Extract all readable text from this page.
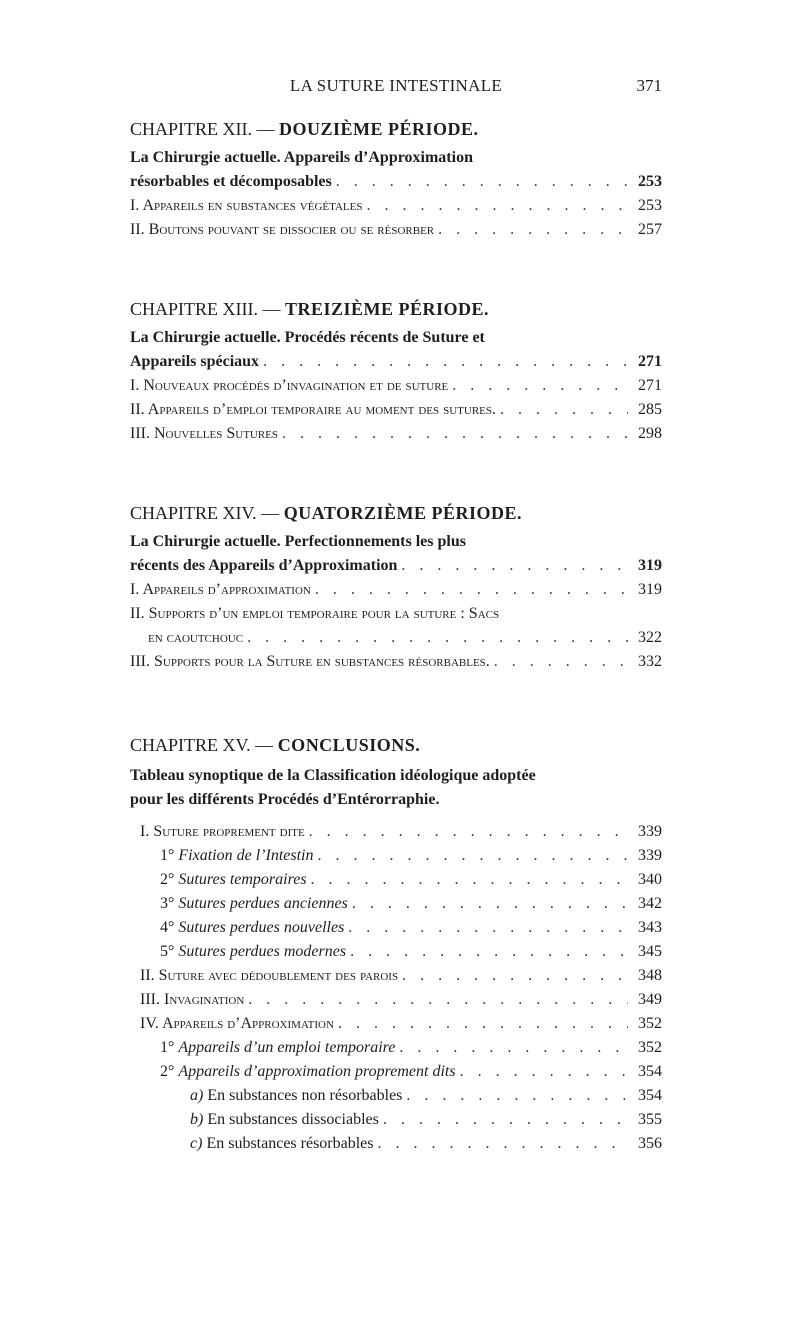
LA SUTURE INTESTINALE	371
CHAPITRE XII. — DOUZIÈME PÉRIODE.
La Chirurgie actuelle. Appareils d’Approximation
résorbables et décomposables . . .	253
I. Appareils en substances végétales . . .	253
II. Boutons pouvant se dissocier ou se résorber . . .	257
CHAPITRE XIII. — TREIZIÈME PÉRIODE.
La Chirurgie actuelle. Procédés récents de Suture et
Appareils spéciaux . . .	271
I. Nouveaux procédés d’invagination et de suture . . .	271
II. Appareils d’emploi temporaire au moment des sutures. . . .	285
III. Nouvelles Sutures . . .	298
CHAPITRE XIV. — QUATORZIÈME PÉRIODE.
La Chirurgie actuelle. Perfectionnements les plus
récents des Appareils d’Approximation . . .	319
I. Appareils d’approximation . . .	319
II. Supports d’un emploi temporaire pour la suture : Sacs
en caoutchouc . . .	322
III. Supports pour la Suture en substances résorbables. . . .	332
CHAPITRE XV. — CONCLUSIONS.
Tableau synoptique de la Classification idéologique adoptée
pour les différents Procédés d’Entérorraphie.
I. Suture proprement dite . . .	339
1° Fixation de l’Intestin . . .	339
2° Sutures temporaires . . .	340
3° Sutures perdues anciennes . . .	342
4° Sutures perdues nouvelles . . .	343
5° Sutures perdues modernes . . .	345
II. Suture avec dédoublement des parois . . .	348
III. Invagination . . .	349
IV. Appareils d’Approximation . . .	352
1° Appareils d’un emploi temporaire . . .	352
2° Appareils d’approximation proprement dits . . .	354
a) En substances non résorbables . . .	354
b) En substances dissociables . . .	355
c) En substances résorbables . . .	356
